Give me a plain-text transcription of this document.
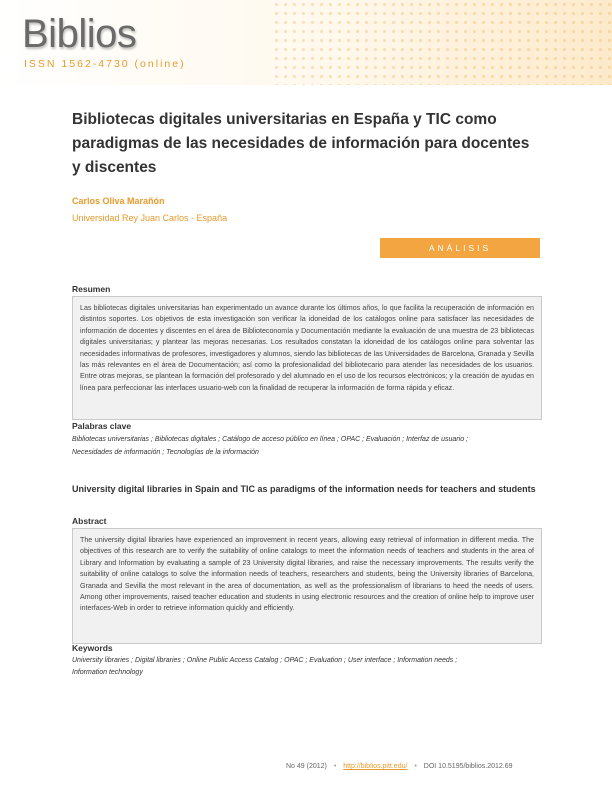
Biblios
ISSN 1562-4730 (online)
Bibliotecas digitales universitarias en España y TIC como paradigmas de las necesidades de información para docentes y discentes
Carlos Oliva Marañón
Universidad Rey Juan Carlos - España
ANÁLISIS
Resumen
Las bibliotecas digitales universitarias han experimentado un avance durante los últimos años, lo que facilita la recuperación de información en distintos soportes. Los objetivos de esta investigación son verificar la idoneidad de los catálogos online para satisfacer las necesidades de información de docentes y discentes en el área de Biblioteconomía y Documentación mediante la evaluación de una muestra de 23 bibliotecas digitales universitarias; y plantear las mejoras necesarias. Los resultados constatan la idoneidad de los catálogos online para solventar las necesidades informativas de profesores, investigadores y alumnos, siendo las bibliotecas de las Universidades de Barcelona, Granada y Sevilla las más relevantes en el área de Documentación; así como la profesionalidad del bibliotecario para atender las necesidades de los usuarios. Entre otras mejoras, se plantean la formación del profesorado y del alumnado en el uso de los recursos electrónicos; y la creación de ayudas en línea para perfeccionar las interfaces usuario-web con la finalidad de recuperar la información de forma rápida y eficaz.
Palabras clave
Bibliotecas universitarias ; Bibliotecas digitales ; Catálogo de acceso público en línea ; OPAC ; Evaluación ; Interfaz de usuario ;
Necesidades de información ; Tecnologías de la información
University digital libraries in Spain and TIC as paradigms of the information needs for teachers and students
Abstract
The university digital libraries have experienced an improvement in recent years, allowing easy retrieval of information in different media. The objectives of this research are to verify the suitability of online catalogs to meet the information needs of teachers and students in the area of Library and Information by evaluating a sample of 23 University digital libraries, and raise the necessary improvements. The results verify the suitability of online catalogs to solve the information needs of teachers, researchers and students, being the University libraries of Barcelona, Granada and Sevilla the most relevant in the area of documentation, as well as the professionalism of librarians to heed the needs of users. Among other improvements, raised teacher education and students in using electronic resources and the creation of online help to improve user interfaces-Web in order to retrieve information quickly and efficiently.
Keywords
University libraries ; Digital libraries ; Online Public Access Catalog ; OPAC ; Evaluation ; User interface ; Information needs ;
Information technology
No 49 (2012) • http://biblios.pitt.edu/ • DOI 10.5195/biblios.2012.69
